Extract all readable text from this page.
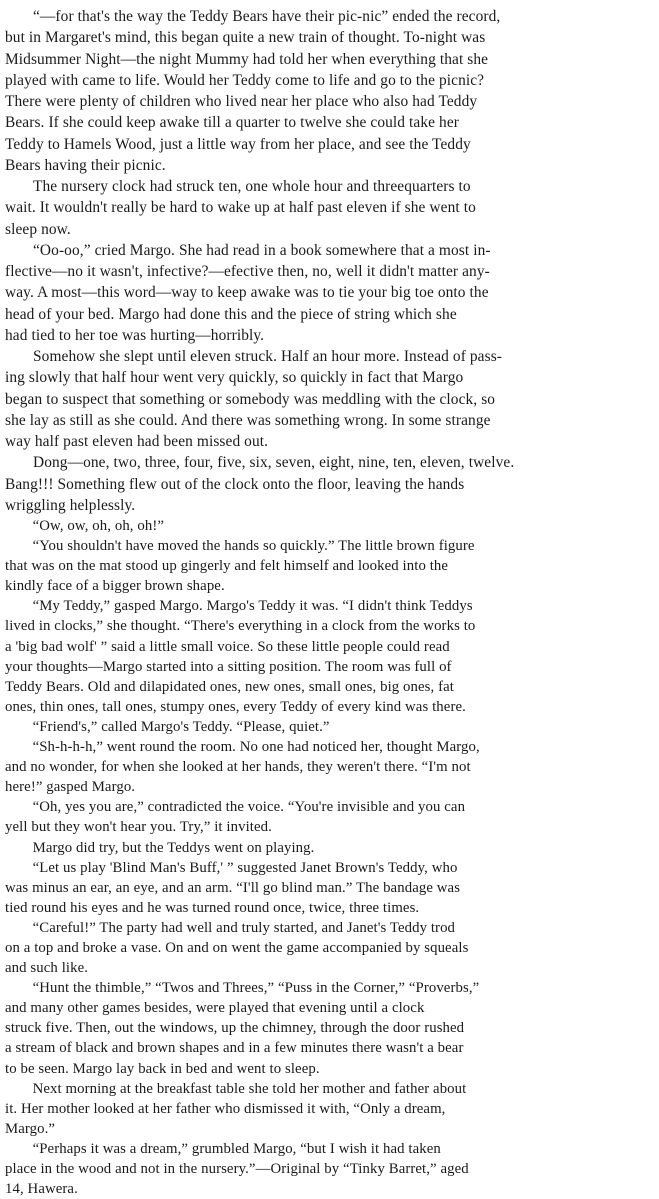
“—for that's the way the Teddy Bears have their pic-nic” ended the record,
but in Margaret's mind, this began quite a new train of thought. To-night was
Midsummer Night—the night Mummy had told her when everything that she
played with came to life. Would her Teddy come to life and go to the picnic?
There were plenty of children who lived near her place who also had Teddy
Bears. If she could keep awake till a quarter to twelve she could take her
Teddy to Hamels Wood, just a little way from her place, and see the Teddy
Bears having their picnic.
The nursery clock had struck ten, one whole hour and threequarters to
wait. It wouldn't really be hard to wake up at half past eleven if she went to
sleep now.
“Oo-oo,” cried Margo. She had read in a book somewhere that a most in-
flective—no it wasn't, infective?—efective then, no, well it didn't matter any-
way. A most—this word—way to keep awake was to tie your big toe onto the
head of your bed. Margo had done this and the piece of string which she
had tied to her toe was hurting—horribly.
Somehow she slept until eleven struck. Half an hour more. Instead of pass-
ing slowly that half hour went very quickly, so quickly in fact that Margo
began to suspect that something or somebody was meddling with the clock, so
she lay as still as she could. And there was something wrong. In some strange
way half past eleven had been missed out.
Dong—one, two, three, four, five, six, seven, eight, nine, ten, eleven, twelve.
Bang!!! Something flew out of the clock onto the floor, leaving the hands
wriggling helplessly.
“Ow, ow, oh, oh, oh!”
“You shouldn't have moved the hands so quickly.” The little brown figure
that was on the mat stood up gingerly and felt himself and looked into the
kindly face of a bigger brown shape.
“My Teddy,” gasped Margo. Margo's Teddy it was. “I didn't think Teddys
lived in clocks,” she thought. “There's everything in a clock from the works to
a 'big bad wolf' ” said a little small voice. So these little people could read
your thoughts—Margo started into a sitting position. The room was full of
Teddy Bears. Old and dilapidated ones, new ones, small ones, big ones, fat
ones, thin ones, tall ones, stumpy ones, every Teddy of every kind was there.
“Friend's,” called Margo's Teddy. “Please, quiet.”
“Sh-h-h-h,” went round the room. No one had noticed her, thought Margo,
and no wonder, for when she looked at her hands, they weren't there. “I'm not
here!” gasped Margo.
“Oh, yes you are,” contradicted the voice. “You're invisible and you can
yell but they won't hear you. Try,” it invited.
Margo did try, but the Teddys went on playing.
“Let us play 'Blind Man's Buff,' ” suggested Janet Brown's Teddy, who
was minus an ear, an eye, and an arm. “I'll go blind man.” The bandage was
tied round his eyes and he was turned round once, twice, three times.
“Careful!” The party had well and truly started, and Janet's Teddy trod
on a top and broke a vase. On and on went the game accompanied by squeals
and such like.
“Hunt the thimble,” “Twos and Threes,” “Puss in the Corner,” “Proverbs,”
and many other games besides, were played that evening until a clock
struck five. Then, out the windows, up the chimney, through the door rushed
a stream of black and brown shapes and in a few minutes there wasn't a bear
to be seen. Margo lay back in bed and went to sleep.
Next morning at the breakfast table she told her mother and father about
it. Her mother looked at her father who dismissed it with, “Only a dream,
Margo.”
“Perhaps it was a dream,” grumbled Margo, “but I wish it had taken
place in the wood and not in the nursery.”—Original by “Tinky Barret,” aged
14, Hawera.
